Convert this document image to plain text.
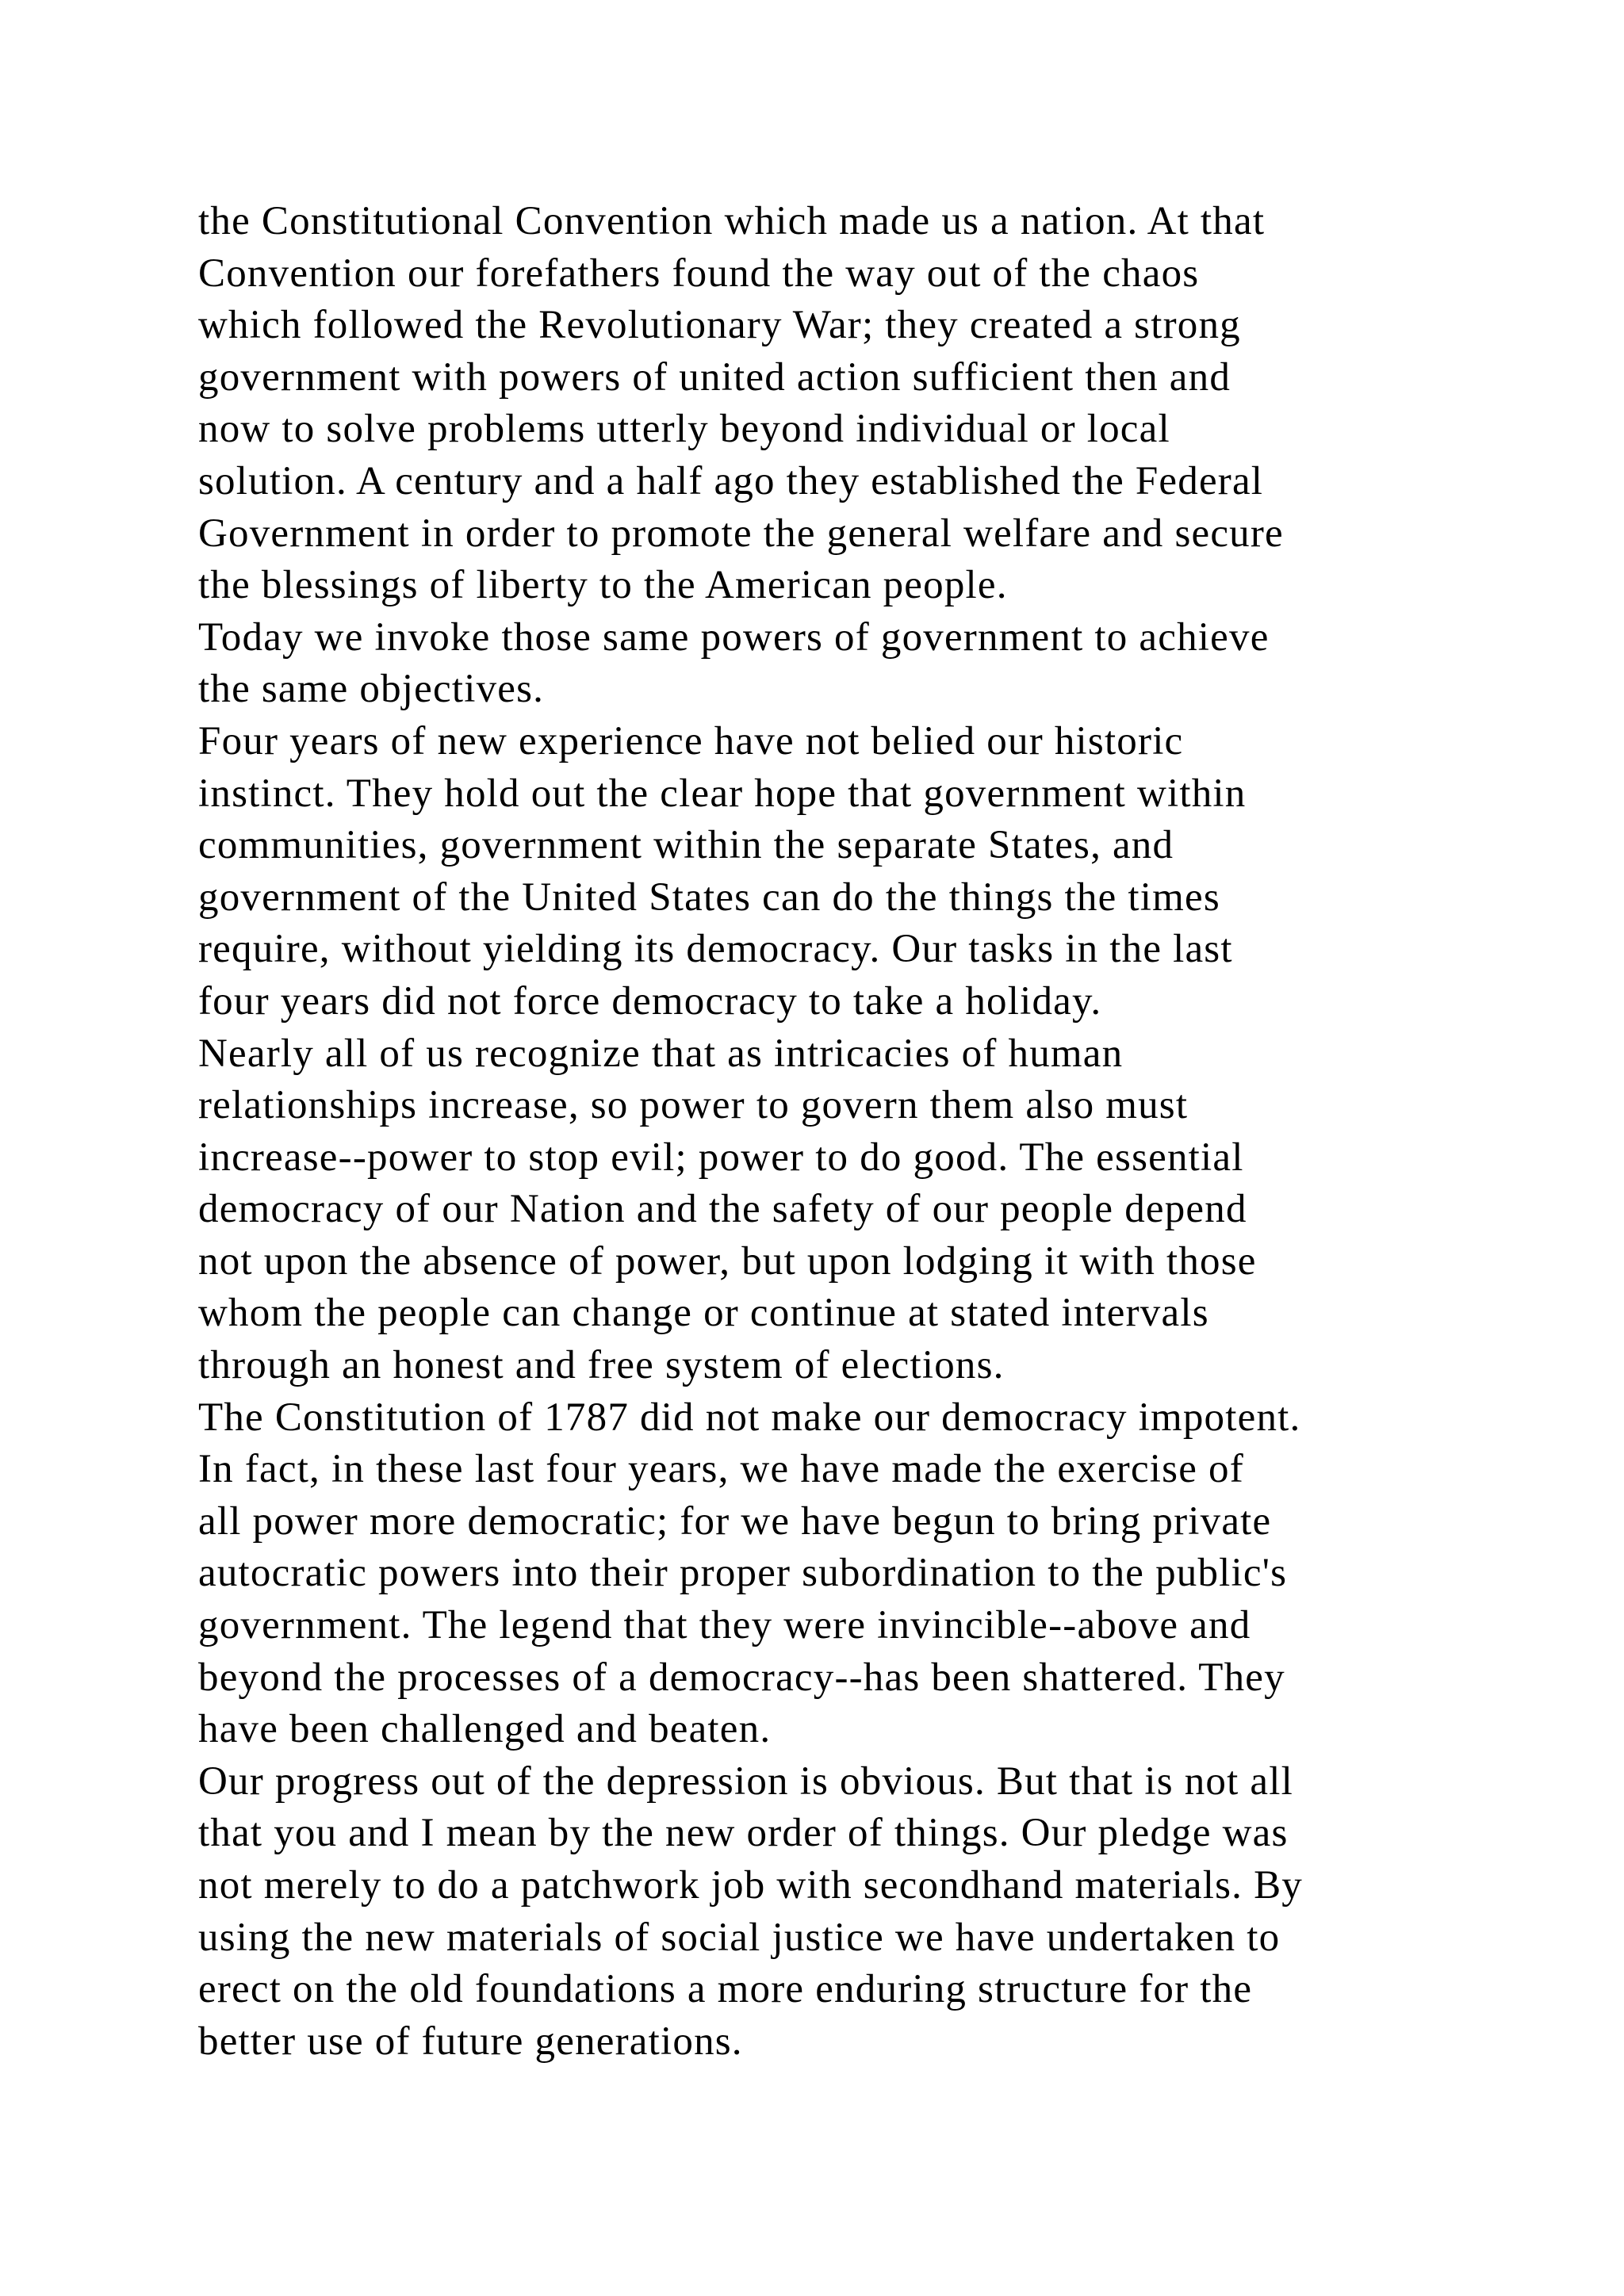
the Constitutional Convention which made us a nation. At that
Convention our forefathers found the way out of the chaos
which followed the Revolutionary War; they created a strong
government with powers of united action sufficient then and
now to solve problems utterly beyond individual or local
solution. A century and a half ago they established the Federal
Government in order to promote the general welfare and secure
the blessings of liberty to the American people.
Today we invoke those same powers of government to achieve
the same objectives.
Four years of new experience have not belied our historic
instinct. They hold out the clear hope that government within
communities, government within the separate States, and
government of the United States can do the things the times
require, without yielding its democracy. Our tasks in the last
four years did not force democracy to take a holiday.
Nearly all of us recognize that as intricacies of human
relationships increase, so power to govern them also must
increase--power to stop evil; power to do good. The essential
democracy of our Nation and the safety of our people depend
not upon the absence of power, but upon lodging it with those
whom the people can change or continue at stated intervals
through an honest and free system of elections.
The Constitution of 1787 did not make our democracy impotent.
In fact, in these last four years, we have made the exercise of
all power more democratic; for we have begun to bring private
autocratic powers into their proper subordination to the public's
government. The legend that they were invincible--above and
beyond the processes of a democracy--has been shattered. They
have been challenged and beaten.
Our progress out of the depression is obvious. But that is not all
that you and I mean by the new order of things. Our pledge was
not merely to do a patchwork job with secondhand materials. By
using the new materials of social justice we have undertaken to
erect on the old foundations a more enduring structure for the
better use of future generations.
